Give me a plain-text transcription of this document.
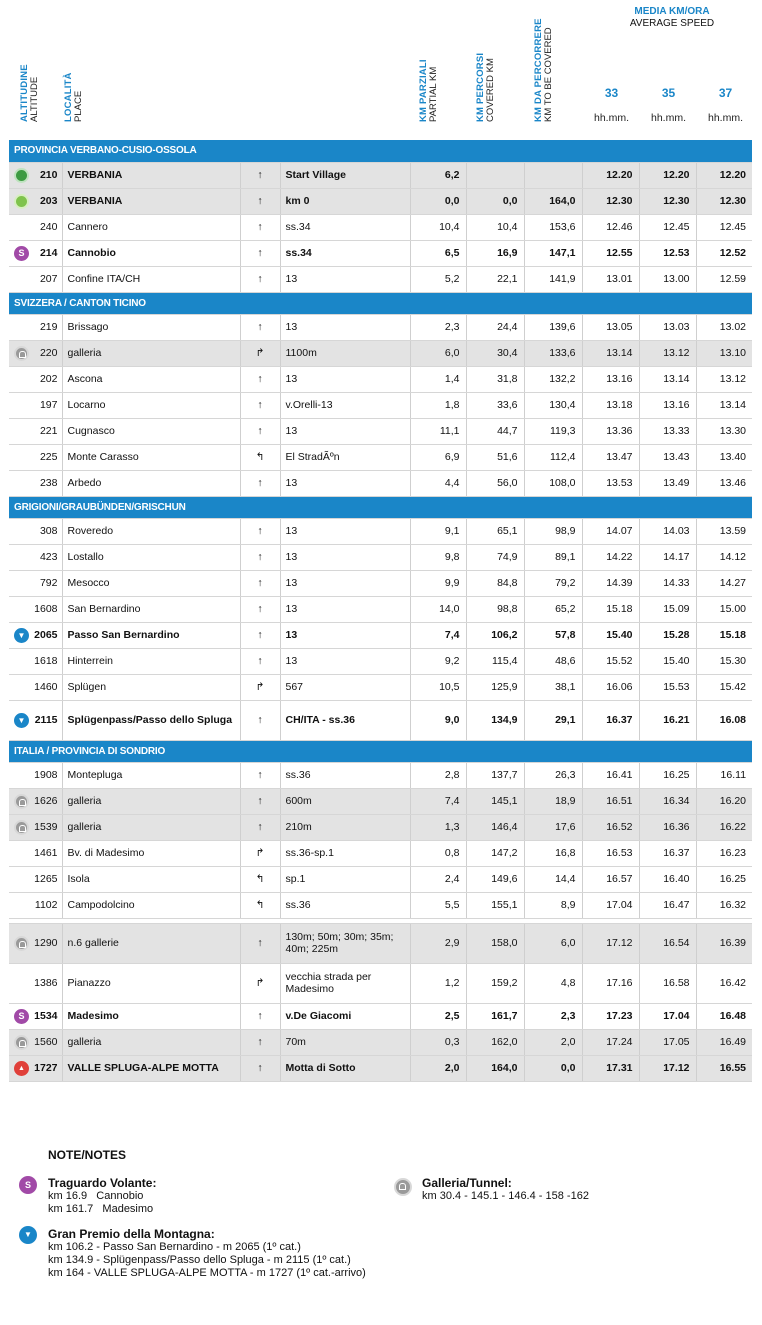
ALTITUDINE ALTITUDE LOCALITÀ PLACE	KM PARZIALI PARTIAL KM	KM PERCORSI COVERED KM	KM DA PERCORRERE KM TO BE COVERED
MEDIA KM/ORA
AVERAGE SPEED
33	35	37
hh.mm.	hh.mm.	hh.mm.
PROVINCIA VERBANO-CUSIO-OSSOLA									

210	VERBANIA	↑	Start Village	6,2			12.20	12.20	12.20

203	VERBANIA	↑	km 0	0,0	0,0	164,0	12.30	12.30	12.30

240	Cannero	↑	ss.34	10,4	10,4	153,6	12.46	12.45	12.45

S
214	Cannobio	↑	ss.34	6,5	16,9	147,1	12.55	12.53	12.52

207	Confine ITA/CH	↑	13	5,2	22,1	141,9	13.01	13.00	12.59
SVIZZERA / CANTON TICINO									

219	Brissago	↑	13	2,3	24,4	139,6	13.05	13.03	13.02

220	galleria	↱	1100m	6,0	30,4	133,6	13.14	13.12	13.10

202	Ascona	↑	13	1,4	31,8	132,2	13.16	13.14	13.12

197	Locarno	↑	v.Orelli-13	1,8	33,6	130,4	13.18	13.16	13.14

221	Cugnasco	↑	13	11,1	44,7	119,3	13.36	13.33	13.30

225	Monte Carasso	↰	El StradÃºn	6,9	51,6	112,4	13.47	13.43	13.40

238	Arbedo	↑	13	4,4	56,0	108,0	13.53	13.49	13.46
GRIGIONI/GRAUBÜNDEN/GRISCHUN									

308	Roveredo	↑	13	9,1	65,1	98,9	14.07	14.03	13.59

423	Lostallo	↑	13	9,8	74,9	89,1	14.22	14.17	14.12

792	Mesocco	↑	13	9,9	84,8	79,2	14.39	14.33	14.27

1608	San Bernardino	↑	13	14,0	98,8	65,2	15.18	15.09	15.00

▼
2065	Passo San Bernardino	↑	13	7,4	106,2	57,8	15.40	15.28	15.18

1618	Hinterrein	↑	13	9,2	115,4	48,6	15.52	15.40	15.30

1460	Splügen	↱	567	10,5	125,9	38,1	16.06	15.53	15.42

▼
2115	Splügenpass/Passo dello Spluga	↑	CH/ITA - ss.36	9,0	134,9	29,1	16.37	16.21	16.08
ITALIA / PROVINCIA DI SONDRIO									

1908	Montepluga	↑	ss.36	2,8	137,7	26,3	16.41	16.25	16.11

1626	galleria	↑	600m	7,4	145,1	18,9	16.51	16.34	16.20

1539	galleria	↑	210m	1,3	146,4	17,6	16.52	16.36	16.22

1461	Bv. di Madesimo	↱	ss.36-sp.1	0,8	147,2	16,8	16.53	16.37	16.23

1265	Isola	↰	sp.1	2,4	149,6	14,4	16.57	16.40	16.25

1102	Campodolcino	↰	ss.36	5,5	155,1	8,9	17.04	16.47	16.32

1290	n.6 gallerie	↑	130m; 50m; 30m; 35m; 40m; 225m	2,9	158,0	6,0	17.12	16.54	16.39

1386	Pianazzo	↱	vecchia strada per Madesimo	1,2	159,2	4,8	17.16	16.58	16.42

S
1534	Madesimo	↑	v.De Giacomi	2,5	161,7	2,3	17.23	17.04	16.48

1560	galleria	↑	70m	0,3	162,0	2,0	17.24	17.05	16.49

▲
1727	VALLE SPLUGA-ALPE MOTTA	↑	Motta di Sotto	2,0	164,0	0,0	17.31	17.12	16.55
NOTE/NOTES
S
Traguardo Volante:
km 16.9   Cannobio
km 161.7   Madesimo
▼
Gran Premio della Montagna:
km 106.2 - Passo San Bernardino - m 2065 (1º cat.)
km 134.9 - Splügenpass/Passo dello Spluga - m 2115 (1º cat.)
km 164 - VALLE SPLUGA-ALPE MOTTA - m 1727 (1º cat.-arrivo)
Galleria/Tunnel:
km 30.4 - 145.1 - 146.4 - 158 -162
